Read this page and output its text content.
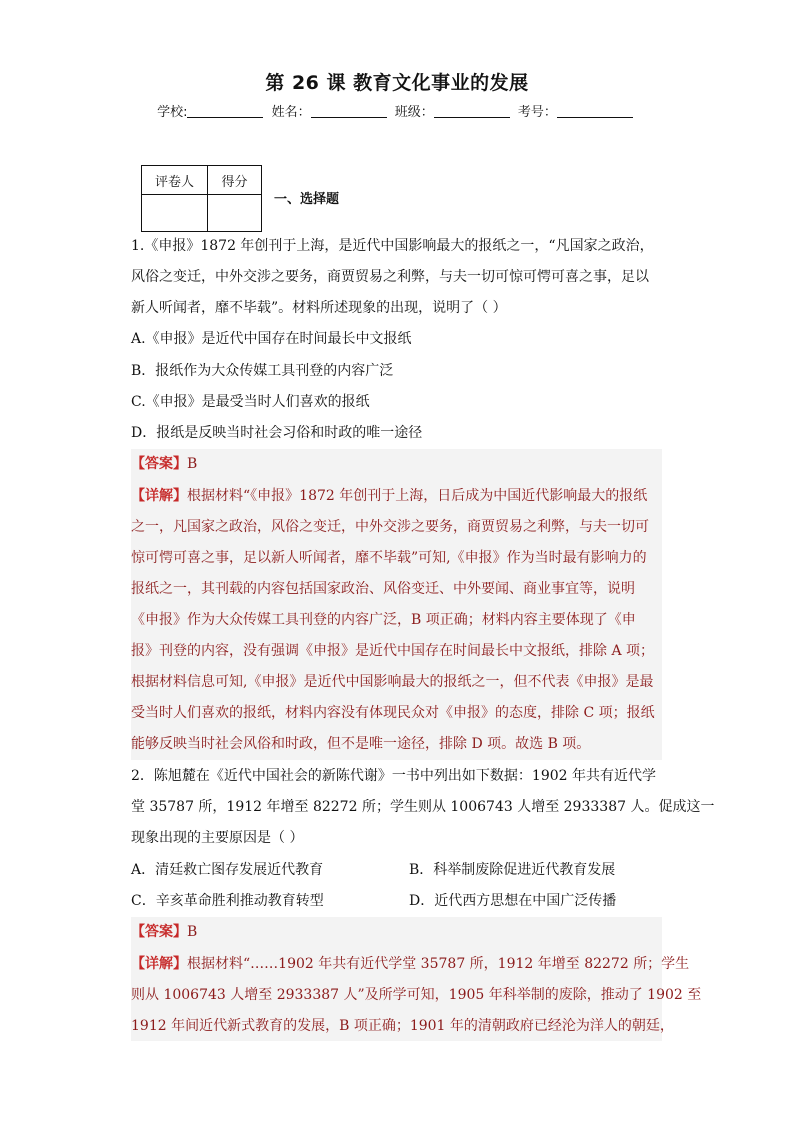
第 26 课 教育文化事业的发展
学校:	姓名：	班级：	考号：
评卷人	得分

一、选择题
1.《申报》1872 年创刊于上海，是近代中国影响最大的报纸之一，“凡国家之政治，
风俗之变迁，中外交涉之要务，商贾贸易之利弊，与夫一切可惊可愕可喜之事，足以
新人听闻者，靡不毕载”。材料所述现象的出现，说明了（ ）
A.《申报》是近代中国存在时间最长中文报纸
B．报纸作为大众传媒工具刊登的内容广泛
C.《申报》是最受当时人们喜欢的报纸
D．报纸是反映当时社会习俗和时政的唯一途径
【答案】B
【详解】根据材料“《申报》1872 年创刊于上海，日后成为中国近代影响最大的报纸
之一，凡国家之政治，风俗之变迁，中外交涉之要务，商贾贸易之利弊，与夫一切可
惊可愕可喜之事，足以新人听闻者，靡不毕载”可知,《申报》作为当时最有影响力的
报纸之一，其刊载的内容包括国家政治、风俗变迁、中外要闻、商业事宜等，说明
《申报》作为大众传媒工具刊登的内容广泛，B 项正确；材料内容主要体现了《申
报》刊登的内容，没有强调《申报》是近代中国存在时间最长中文报纸，排除 A 项；
根据材料信息可知,《申报》是近代中国影响最大的报纸之一，但不代表《申报》是最
受当时人们喜欢的报纸，材料内容没有体现民众对《申报》的态度，排除 C 项；报纸
能够反映当时社会风俗和时政，但不是唯一途径，排除 D 项。故选 B 项。
2．陈旭麓在《近代中国社会的新陈代谢》一书中列出如下数据：1902 年共有近代学
堂 35787 所，1912 年增至 82272 所；学生则从 1006743 人增至 2933387 人。促成这一
现象出现的主要原因是（ ）
A．清廷救亡图存发展近代教育	B．科举制废除促进近代教育发展
C．辛亥革命胜利推动教育转型	D．近代西方思想在中国广泛传播
【答案】B
【详解】根据材料“……1902 年共有近代学堂 35787 所，1912 年增至 82272 所；学生
则从 1006743 人增至 2933387 人”及所学可知，1905 年科举制的废除，推动了 1902 至
1912 年间近代新式教育的发展，B 项正确；1901 年的清朝政府已经沦为洋人的朝廷，
